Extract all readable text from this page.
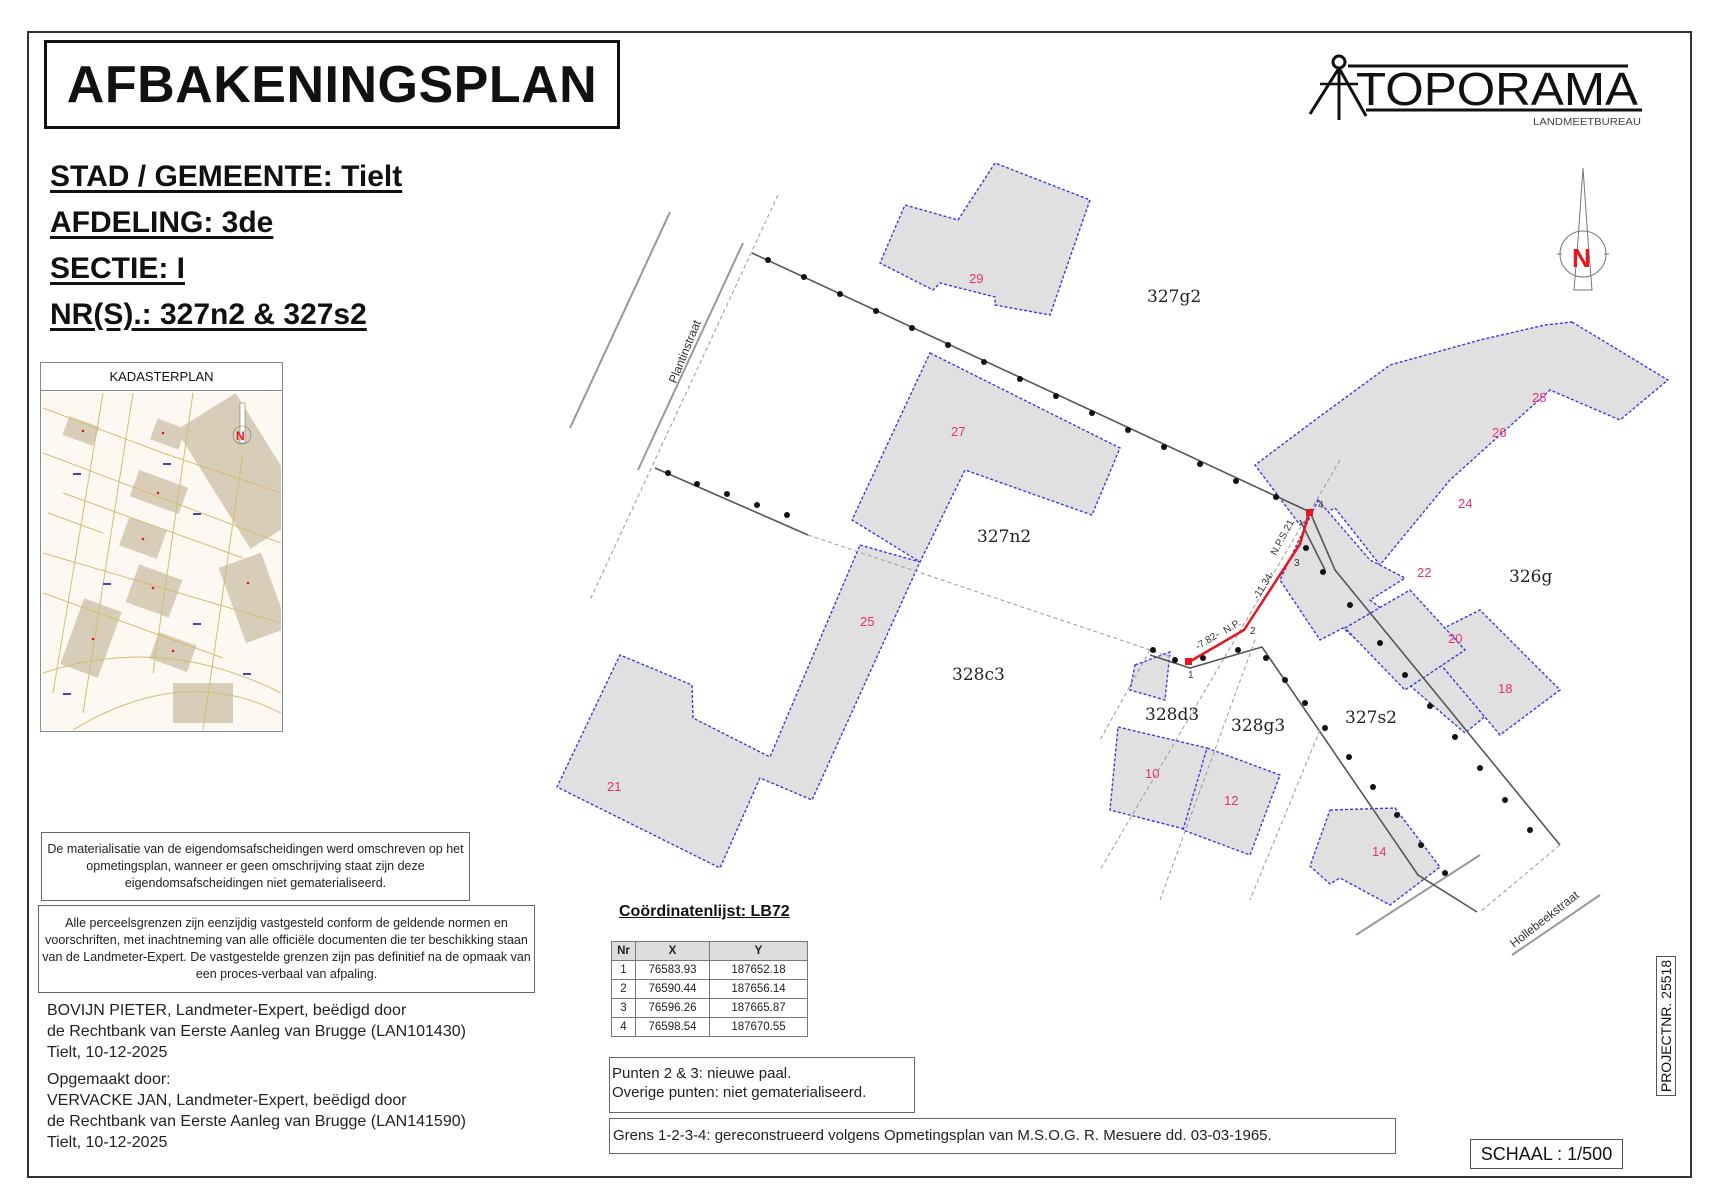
AFBAKENINGSPLAN
STAD / GEMEENTE: Tielt
AFDELING: 3de
SECTIE: I
NR(S).: 327n2 & 327s2
TOPORAMA
LANDMEETBUREAU
Plantinstraat
Hollebeekstraat
1
2
3
4
-7.82-
N.P.
-11.34-
N.P.S.21
327g2
327n2
328c3
328d3
328g3	327s2
326g
29
27
25
21
28
26
24
22
20
18
10
12
14
N
KADASTERPLAN
N
De materialisatie van de eigendomsafscheidingen werd omschreven op het opmetingsplan, wanneer er geen omschrijving staat zijn deze eigendomsafscheidingen niet gematerialiseerd.
Alle perceelsgrenzen zijn eenzijdig vastgesteld conform de geldende normen en voorschriften, met inachtneming van alle officiële documenten die ter beschikking staan van de Landmeter-Expert. De vastgestelde grenzen zijn pas definitief na de opmaak van een proces-verbaal van afpaling.
BOVIJN PIETER, Landmeter-Expert, beëdigd door
de Rechtbank van Eerste Aanleg van Brugge (LAN101430)
Tielt, 10-12-2025
Opgemaakt door:
VERVACKE JAN, Landmeter-Expert, beëdigd door
de Rechtbank van Eerste Aanleg van Brugge (LAN141590)
Tielt, 10-12-2025
Coördinatenlijst: LB72
Nr	X	Y
1	76583.93	187652.18
2	76590.44	187656.14
3	76596.26	187665.87
4	76598.54	187670.55
Punten 2 & 3: nieuwe paal.
Overige punten: niet gematerialiseerd.
Grens 1-2-3-4: gereconstrueerd volgens Opmetingsplan van M.S.O.G. R. Mesuere dd. 03-03-1965.
PROJECTNR. 25518
SCHAAL : 1/500
